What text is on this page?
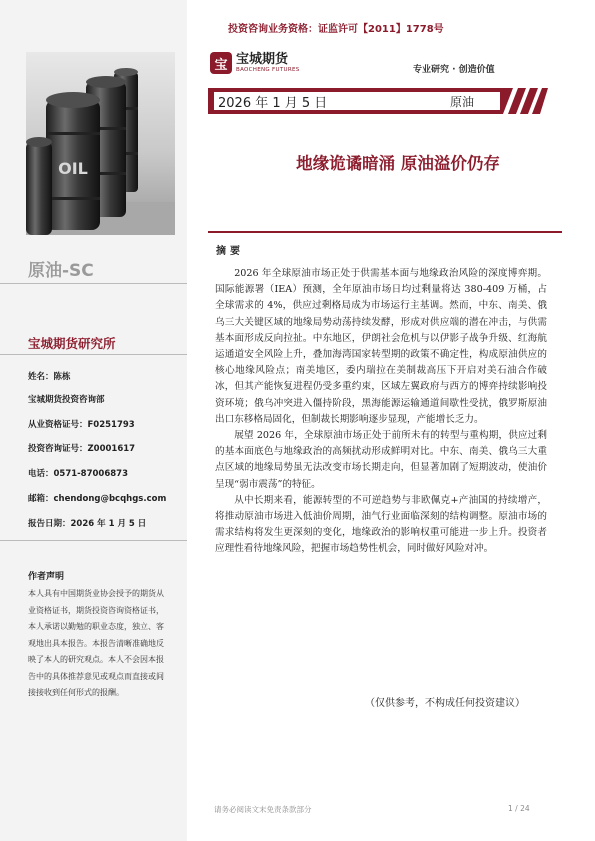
OIL
原油-SC
宝城期货研究所
姓名：陈栋
宝城期货投资咨询部
从业资格证号：F0251793
投资咨询证号：Z0001617
电话：0571-87006873
邮箱：chendong@bcqhgs.com
报告日期：2026 年 1 月 5 日
作者声明
本人具有中国期货业协会授予的期货从业资格证书，期货投资咨询资格证书，本人承诺以勤勉的职业态度，独立、客观地出具本报告。本报告清晰准确地反映了本人的研究观点。本人不会因本报告中的具体推荐意见或观点而直接或间接接收到任何形式的报酬。
投资咨询业务资格：证监许可【2011】1778号
宝 宝城期货
BAOCHENG FUTURES	专业研究 · 创造价值
2026 年 1 月 5 日	原油
地缘诡谲暗涌 原油溢价仍存
摘要

2026 年全球原油市场正处于供需基本面与地缘政治风险的深度博弈期。国际能源署（IEA）预测，全年原油市场日均过剩量将达 380-409 万桶，占全球需求的 4%，供应过剩格局成为市场运行主基调。然而，中东、南美、俄乌三大关键区域的地缘局势动荡持续发酵，形成对供应端的潜在冲击，与供需基本面形成反向拉扯。中东地区，伊朗社会危机与以伊影子战争升级、红海航运通道安全风险上升，叠加海湾国家转型期的政策不确定性，构成原油供应的核心地缘风险点；南美地区，委内瑞拉在美制裁高压下开启对美石油合作破冰，但其产能恢复进程仍受多重约束，区域左翼政府与西方的博弈持续影响投资环境；俄乌冲突进入僵持阶段，黑海能源运输通道间歇性受扰，俄罗斯原油出口东移格局固化，但制裁长期影响逐步显现，产能增长乏力。

展望 2026 年，全球原油市场正处于前所未有的转型与重构期，供应过剩的基本面底色与地缘政治的高频扰动形成鲜明对比。中东、南美、俄乌三大重点区域的地缘局势虽无法改变市场长期走向，但显著加剧了短期波动，使油价呈现“弱市震荡”的特征。

从中长期来看，能源转型的不可逆趋势与非欧佩克+产油国的持续增产，将推动原油市场进入低油价周期，油气行业面临深刻的结构调整。原油市场的需求结构将发生更深刻的变化，地缘政治的影响权重可能进一步上升。投资者应理性看待地缘风险，把握市场趋势性机会，同时做好风险对冲。

（仅供参考，不构成任何投资建议）
请务必阅读文末免责条款部分	1 / 24
